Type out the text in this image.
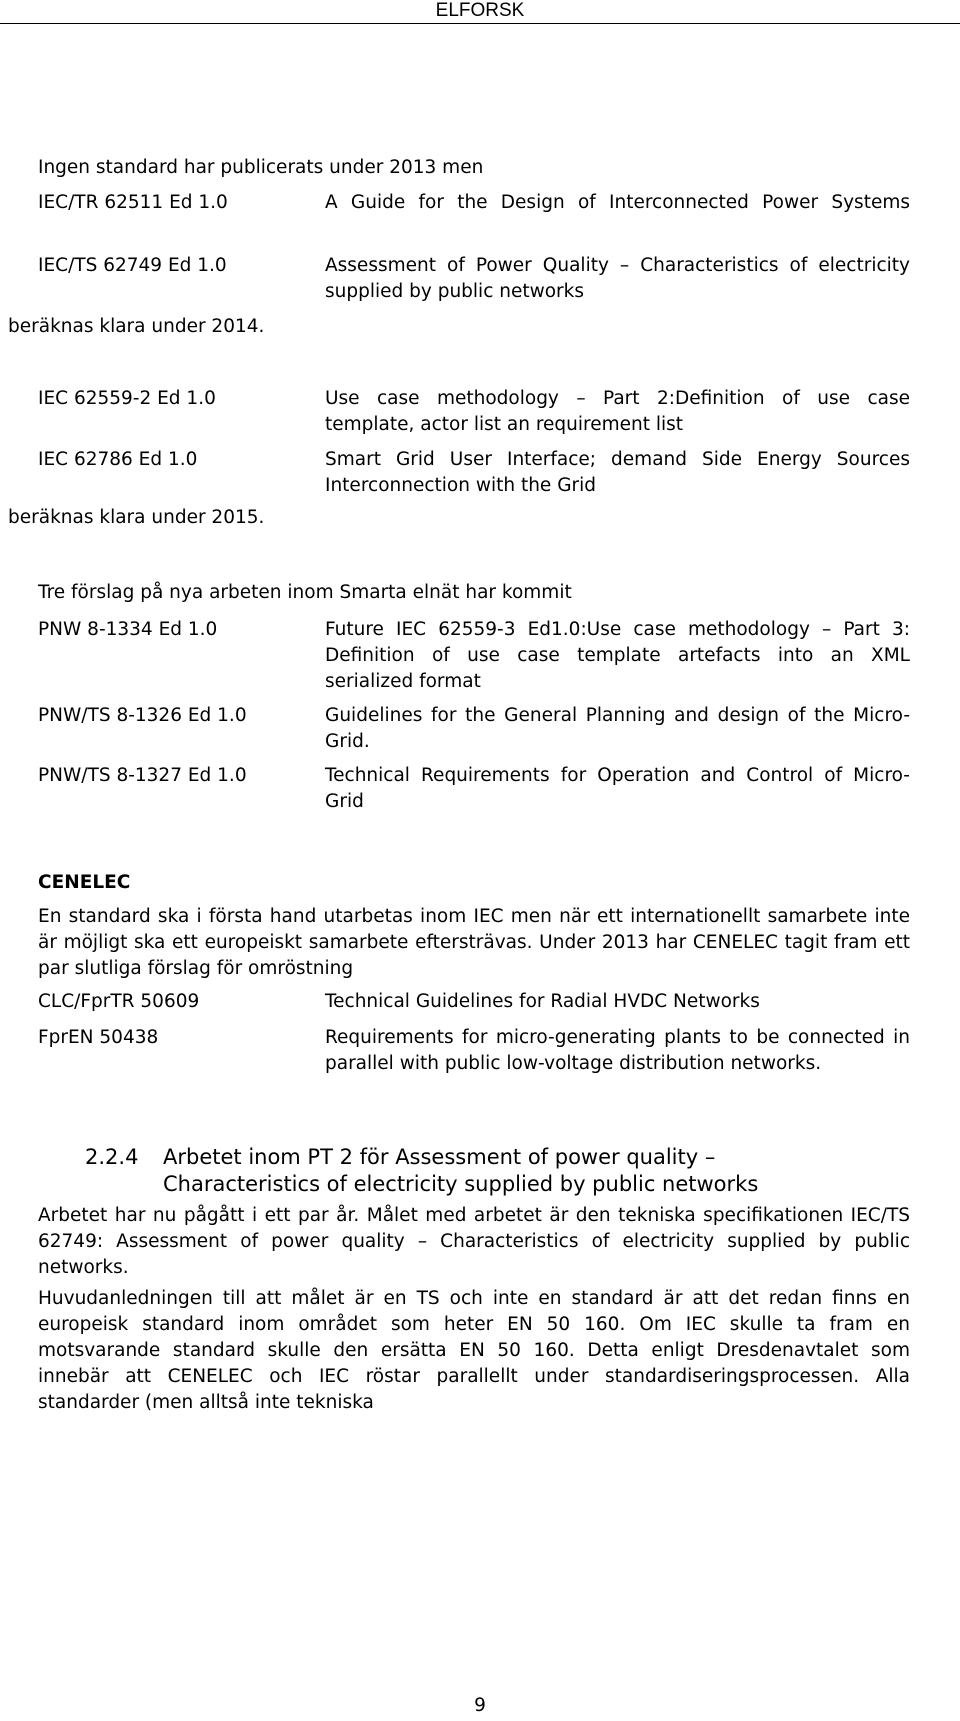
ELFORSK
Ingen standard har publicerats under 2013 men
IEC/TR 62511 Ed 1.0	A Guide for the Design of Interconnected Power Systems
IEC/TS 62749 Ed 1.0	Assessment of Power Quality – Characteristics of electricity supplied by public networks
beräknas klara under 2014.
IEC 62559-2 Ed 1.0	Use case methodology – Part 2:Definition of use case template, actor list an requirement list
IEC 62786 Ed 1.0	Smart Grid User Interface; demand Side Energy Sources Interconnection with the Grid
beräknas klara under 2015.
Tre förslag på nya arbeten inom Smarta elnät har kommit
PNW 8-1334 Ed 1.0	Future IEC 62559-3 Ed1.0:Use case methodology – Part 3: Definition of use case template artefacts into an XML serialized format
PNW/TS 8-1326 Ed 1.0	Guidelines for the General Planning and design of the Micro-Grid.
PNW/TS 8-1327 Ed 1.0	Technical Requirements for Operation and Control of Micro-Grid
CENELEC
En standard ska i första hand utarbetas inom IEC men när ett internationellt samarbete inte är möjligt ska ett europeiskt samarbete eftersträvas. Under 2013 har CENELEC tagit fram ett par slutliga förslag för omröstning
CLC/FprTR 50609	Technical Guidelines for Radial HVDC Networks
FprEN 50438	Requirements for micro-generating plants to be connected in parallel with public low-voltage distribution networks.
2.2.4 Arbetet inom PT 2 för Assessment of power quality –
Characteristics of electricity supplied by public networks
Arbetet har nu pågått i ett par år. Målet med arbetet är den tekniska specifikationen IEC/TS 62749: Assessment of power quality – Characteristics of electricity supplied by public networks.
Huvudanledningen till att målet är en TS och inte en standard är att det redan finns en europeisk standard inom området som heter EN 50 160. Om IEC skulle ta fram en motsvarande standard skulle den ersätta EN 50 160. Detta enligt Dresdenavtalet som innebär att CENELEC och IEC röstar parallellt under standardiseringsprocessen. Alla standarder (men alltså inte tekniska
9
